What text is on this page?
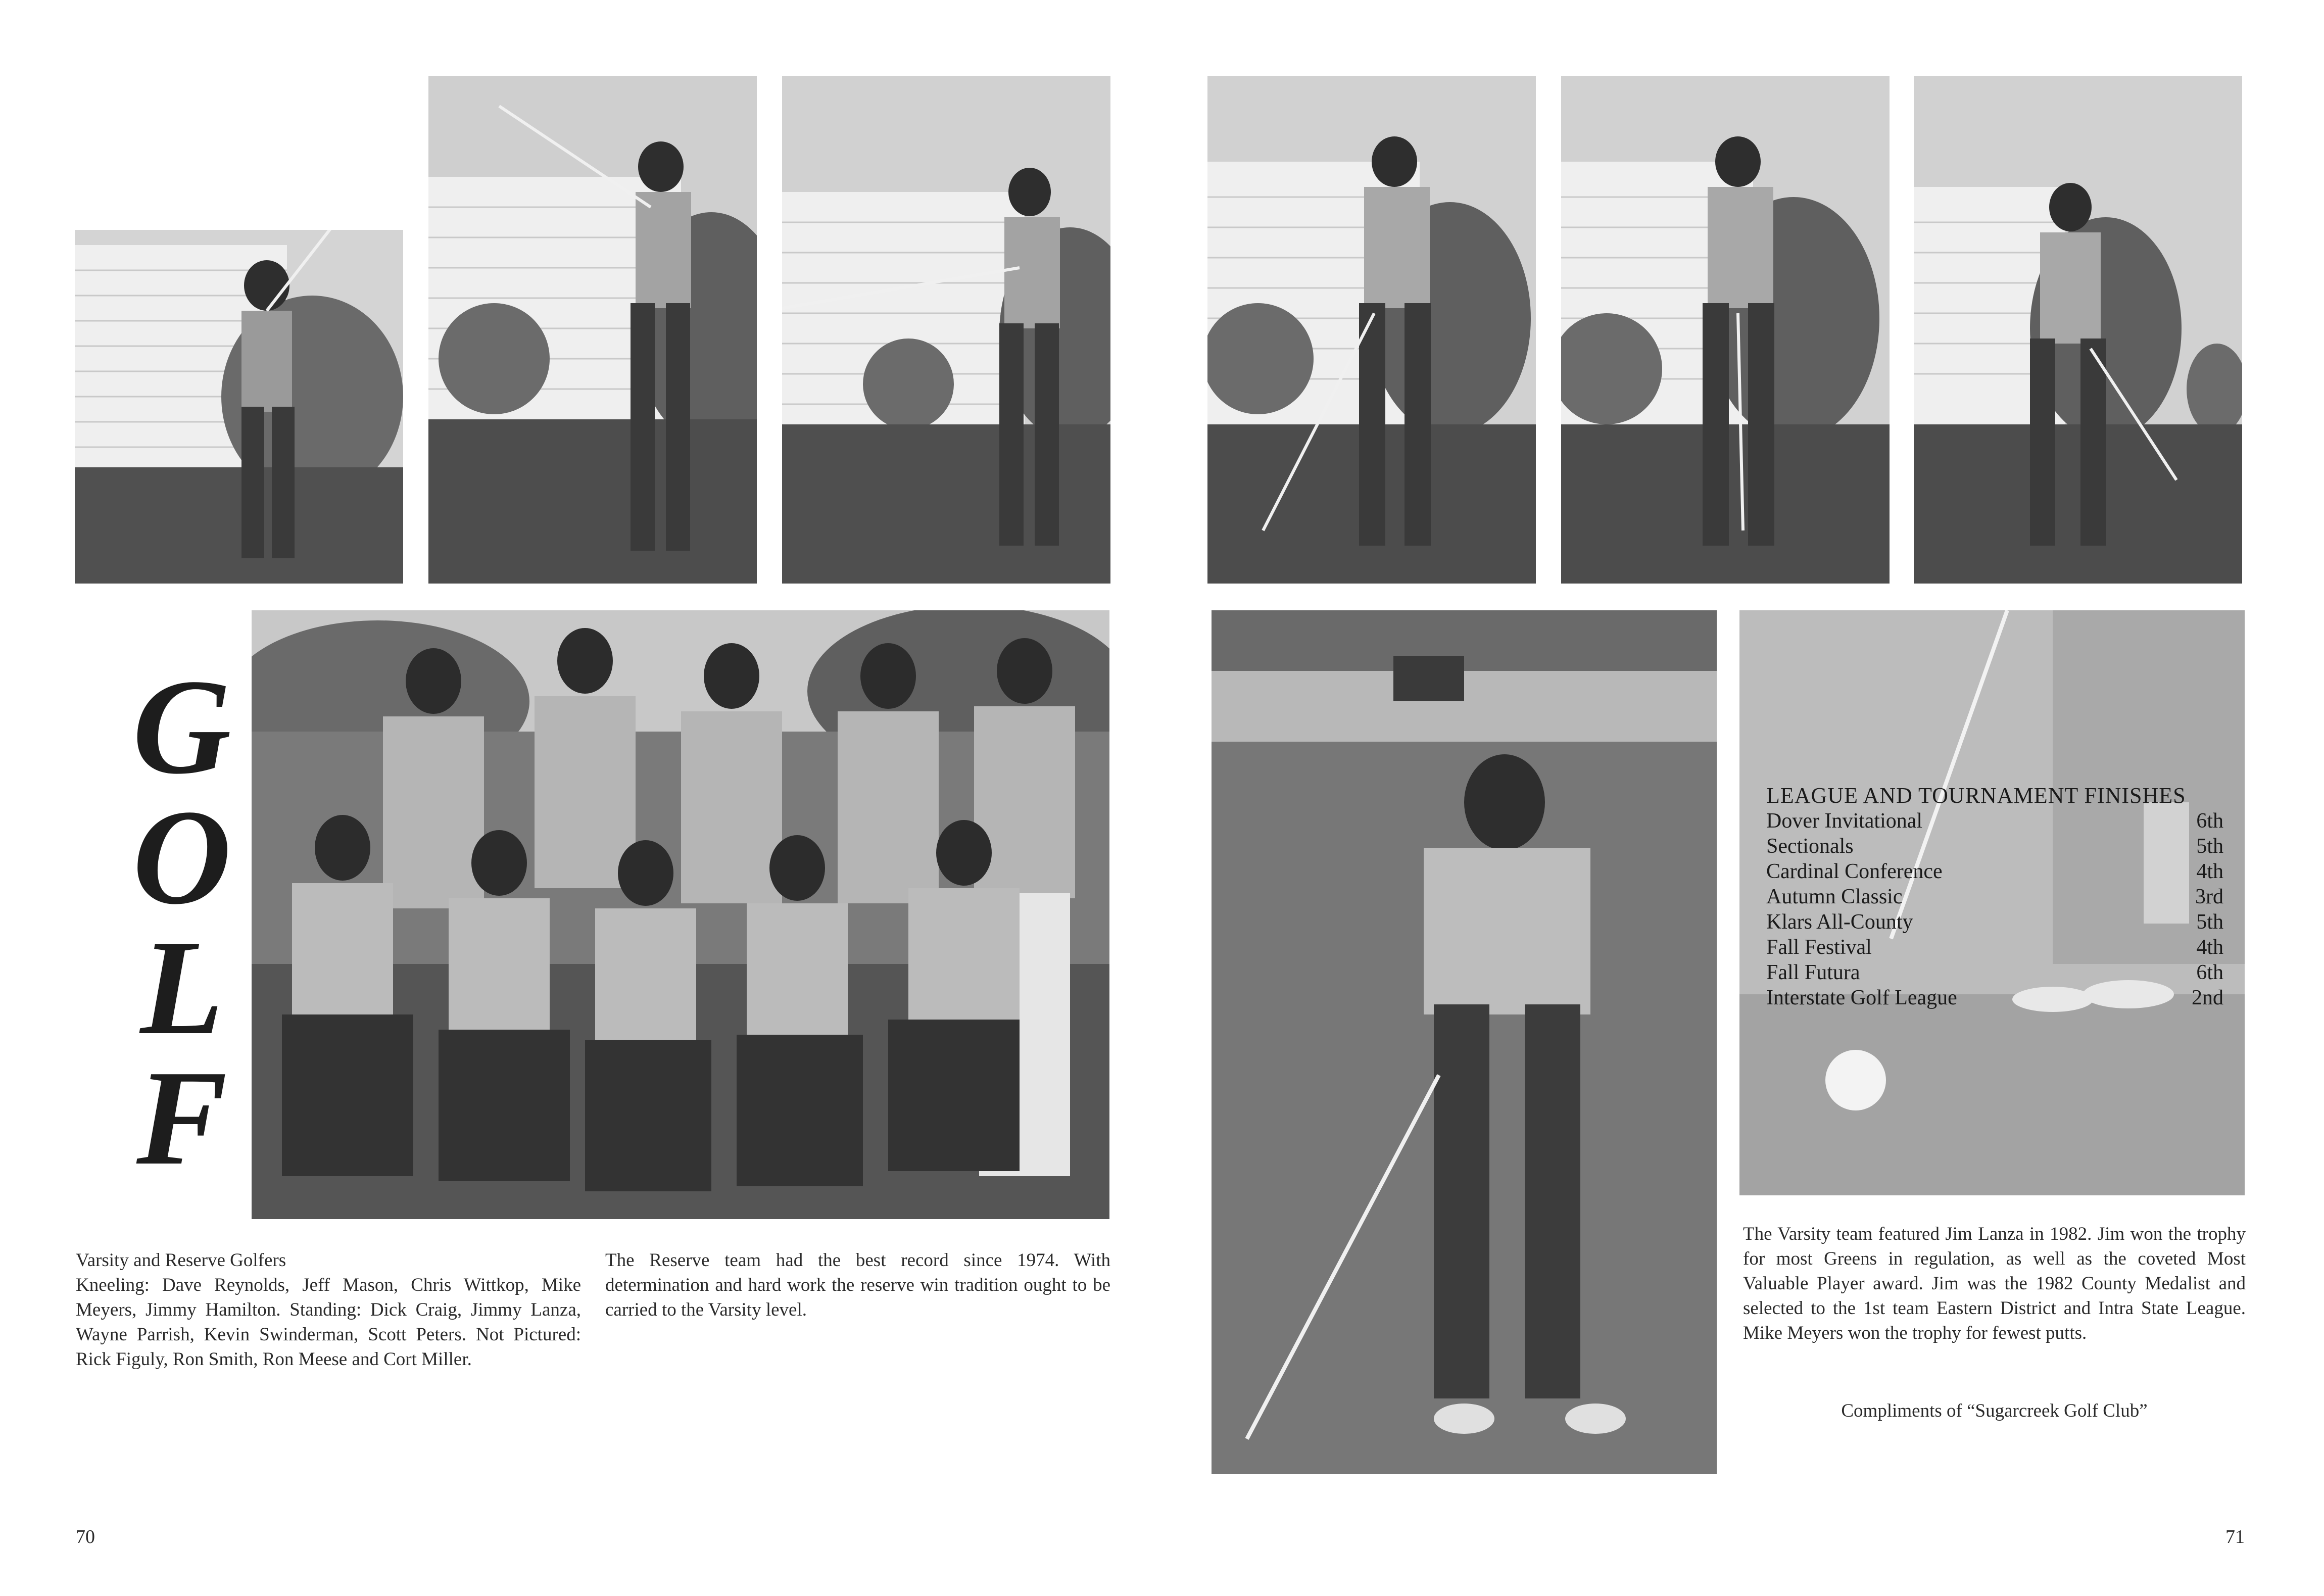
G
O
L
F
LEAGUE AND TOURNAMENT FINISHES
Dover Invitational	6th
Sectionals	5th
Cardinal Conference	4th
Autumn Classic	3rd
Klars All-County	5th
Fall Festival	4th
Fall Futura	6th
Interstate Golf League	2nd
Varsity and Reserve Golfers
Kneeling: Dave Reynolds, Jeff Mason, Chris Wittkop, Mike Meyers, Jimmy Hamilton. Standing: Dick Craig, Jimmy Lanza, Wayne Parrish, Kevin Swinderman, Scott Peters. Not Pictured: Rick Figuly, Ron Smith, Ron Meese and Cort Miller.
The Reserve team had the best record since 1974. With determination and hard work the reserve win tradition ought to be carried to the Varsity level.
The Varsity team featured Jim Lanza in 1982. Jim won the trophy for most Greens in regulation, as well as the coveted Most Valuable Player award. Jim was the 1982 County Medalist and selected to the 1st team Eastern District and Intra State League. Mike Meyers won the trophy for fewest putts.
Compliments of “Sugarcreek Golf Club”
70	71
